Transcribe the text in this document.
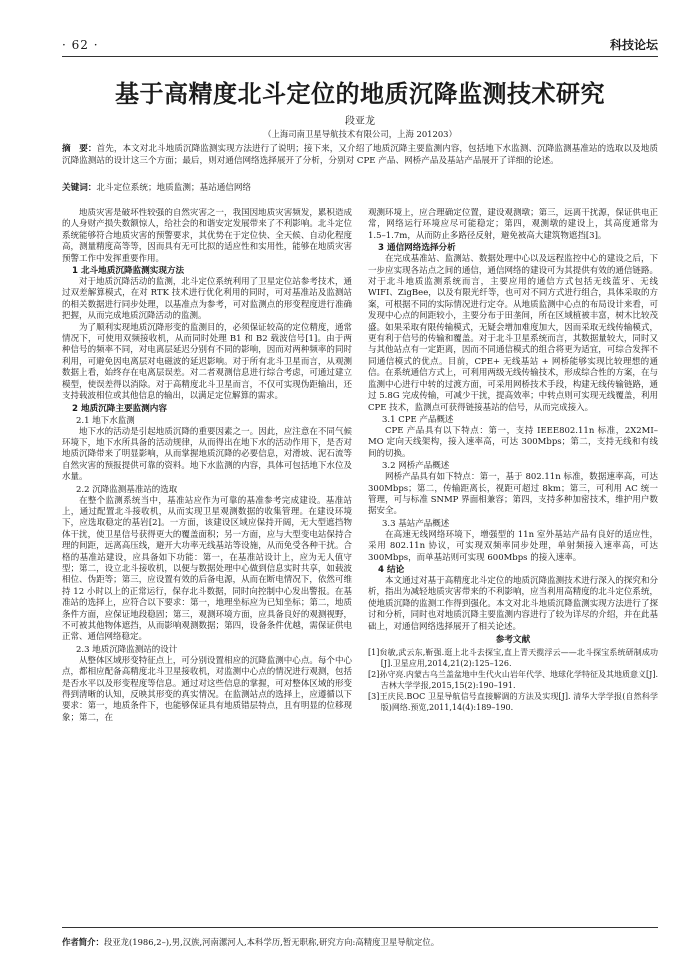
· 62 ·	科技论坛
基于高精度北斗定位的地质沉降监测技术研究
段亚龙
（上海司南卫星导航技术有限公司，上海 201203）
摘　要：首先，本文对北斗地质沉降监测实现方法进行了说明；接下来，又介绍了地质沉降主要监测内容，包括地下水监测、沉降监测基准站的选取以及地质沉降监测站的设计这三个方面；最后，则对通信网络选择展开了分析，分别对 CPE 产品、网桥产品及基站产品展开了详细的论述。
关键词：北斗定位系统；地质监测；基站通信网络

地质灾害是破坏性较强的自然灾害之一，我国因地质灾害频发，累积造成的人身财产损失数额惊人，给社会的和谐安定发展带来了不利影响。北斗定位系统能够符合地质灾害的预警要求，其优势在于定位快、全天候、自动化程度高，测量精度高等等，因而具有无可比拟的适应性和实用性，能够在地质灾害预警工作中发挥重要作用。

1 北斗地质沉降监测实现方法

对于地质沉降活动的监测，北斗定位系统利用了卫星定位站参考技术，通过双差解算模式，在对 RTK 技术进行优化利用的同时，可对基准站及监测站的相关数据进行同步处理，以基准点为参考，可对监测点的形变程度进行准确把握，从而完成地质沉降活动的监测。

为了顺利实现地质沉降形变的监测目的，必须保证较高的定位精度，通常情况下，可使用双频接收机，从而同时处理 B1 和 B2 载波信号[1]。由于两种信号的频率不同，对电离层延迟分别有不同的影响，因而对两种频率的同时利用，可避免因电离层对电磁波的延迟影响。对于所有北斗卫星而言，从观测数据上看，始终存在电离层误差。对二者观测信息进行综合考虑，可通过建立模型，使误差得以消除。对于高精度北斗卫星而言，不仅可实现伪距输出，还支持载波相位或其他信息的输出，以满足定位解算的需求。

2 地质沉降主要监测内容
2.1 地下水监测

地下水的活动是引起地质沉降的重要因素之一。因此，应注意在不同气候环境下，地下水所具备的活动规律，从而得出在地下水的活动作用下，是否对地质沉降带来了明显影响，从而掌握地质沉降的必要信息，对滑坡、泥石流等自然灾害的预报提供可靠的资料。地下水监测的内容，具体可包括地下水位及水量。

2.2 沉降监测基准站的选取

在整个监测系统当中，基准站应作为可靠的基准参考完成建设。基准站上，通过配置北斗接收机，从而实现卫星观测数据的收集管理。在建设环境下，应选取稳定的基岩[2]。一方面，该建设区域应保持开阔，无大型遮挡物体干扰，使卫星信号获得更大的覆盖面积；另一方面，应与大型变电站保持合理的间距，远离高压线，避开大功率无线基站等设施，从而免受各种干扰。合格的基准站建设，应具备如下功能：第一，在基准站设计上，应为无人值守型；第二，设立北斗接收机，以便与数据处理中心做到信息实时共享，如载波相位、伪距等；第三，应设置有效的后备电源，从而在断电情况下，依然可维持 12 小时以上的正常运行，保存北斗数据，同时向控制中心发出警报。在基准站的选择上，应符合以下要求：第一，地理坐标应为已知坐标；第二，地质条件方面，应保证地段稳固；第三，观测环境方面，应具备良好的观测视野，不可被其他物体遮挡，从而影响观测数据；第四，设备条件优越，需保证供电正常、通信网络稳定。

2.3 地质沉降监测站的设计

从整体区域形变特征点上，可分别设置相应的沉降监测中心点。每个中心点，都相应配备高精度北斗卫星接收机，对监测中心点的情况进行观测，包括是否水平以及形变程度等信息。通过对这些信息的掌握，可对整体区域的形变得到清晰的认知，反映其形变的真实情况。在监测站点的选择上，应遵循以下要求：第一，地质条件下，也能够保证具有地质错层特点，且有明显的位移现象；第二，在

观测环境上，应合理确定位置，建设观测墩；第三，远离干扰源，保证供电正常，网络运行环境应尽可能稳定；第四，观测墩的建设上，其高度通常为 1.5–1.7m，从而防止多路径反射，避免被高大建筑物遮挡[3]。

3 通信网络选择分析

在完成基准站、监测站、数据处理中心以及远程监控中心的建设之后，下一步应实现各站点之间的通信，通信网络的建设可为其提供有效的通信链路。对于北斗地质监测系统而言，主要应用的通信方式包括无线蓝牙、无线 WIFI、ZigBee，以及有限光纤等，也可对不同方式进行组合，具体采取的方案，可根据不同的实际情况进行定夺。从地质监测中心点的布局设计来看，可发现中心点的间距较小，主要分布于田垄间，所在区域植被丰富，树木比较茂盛。如果采取有限传输模式，无疑会增加难度加大，因而采取无线传输模式，更有利于信号的传输和覆盖。对于北斗卫星系统而言，其数据量较大，同时又与其他站点有一定距离，因而不同通信模式的组合将更为适宜，可综合发挥不同通信模式的优点。目前，CPE+ 无线基站 + 网桥能够实现比较理想的通信。在系统通信方式上，可利用两级无线传输技术，形成综合性的方案，在与监测中心进行中转的过渡方面，可采用网桥技术手段，构建无线传输链路，通过 5.8G 完成传输，可减少干扰，提高效率；中转点则可实现无线覆盖，利用 CPE 技术，监测点可获得链接基站的信号，从而完成接入。

3.1 CPE 产品概述

CPE 产品具有以下特点：第一，支持 IEEE802.11n 标准，2X2MI–MO 定向天线架构，接入速率高，可达 300Mbps；第二，支持无线和有线间的切换。

3.2 网桥产品概述

网桥产品具有如下特点：第一，基于 802.11n 标准，数据速率高，可达 300Mbps；第二，传输距离长，视距可超过 8km；第三，可利用 AC 统一管理，可与标准 SNMP 界面相兼容；第四，支持多种加密技术，维护用户数据安全。

3.3 基站产品概述

在高速无线网络环境下，增强型的 11n 室外基站产品有良好的适应性，采用 802.11n 协议，可实现双频率同步处理，单射频接入速率高，可达 300Mbps，而单基站则可实现 600Mbps 的接入速率。

4 结论

本文通过对基于高精度北斗定位的地质沉降监测技术进行深入的探究和分析，指出为减轻地质灾害带来的不利影响，应当利用高精度的北斗定位系统，使地质沉降的监测工作得到强化。本文对北斗地质沉降监测实现方法进行了探讨和分析，同时也对地质沉降主要监测内容进行了较为详尽的介绍，并在此基础上，对通信网络选择展开了相关论述。

参考文献
[1]贠敏,武云东,靳强.逛上北斗去探宝,直上青天揽浮云——北斗探宝系统研制成功[J].卫星应用,2014,21(2):125–126.
[2]孙守亮.内蒙古乌兰盖盆地中生代火山岩年代学、地球化学特征及其地质意义[J].吉林大学学报,2015,15(2):190–191.
[3]王庆民.BOC 卫星导航信号直接解调的方法及实现[J]. 清华大学学报(自然科学版)网络.预览,2011,14(4):189–190.
作者简介：段亚龙(1986,2–),男,汉族,河南漯河人,本科学历,暂无职称,研究方向:高精度卫星导航定位。
